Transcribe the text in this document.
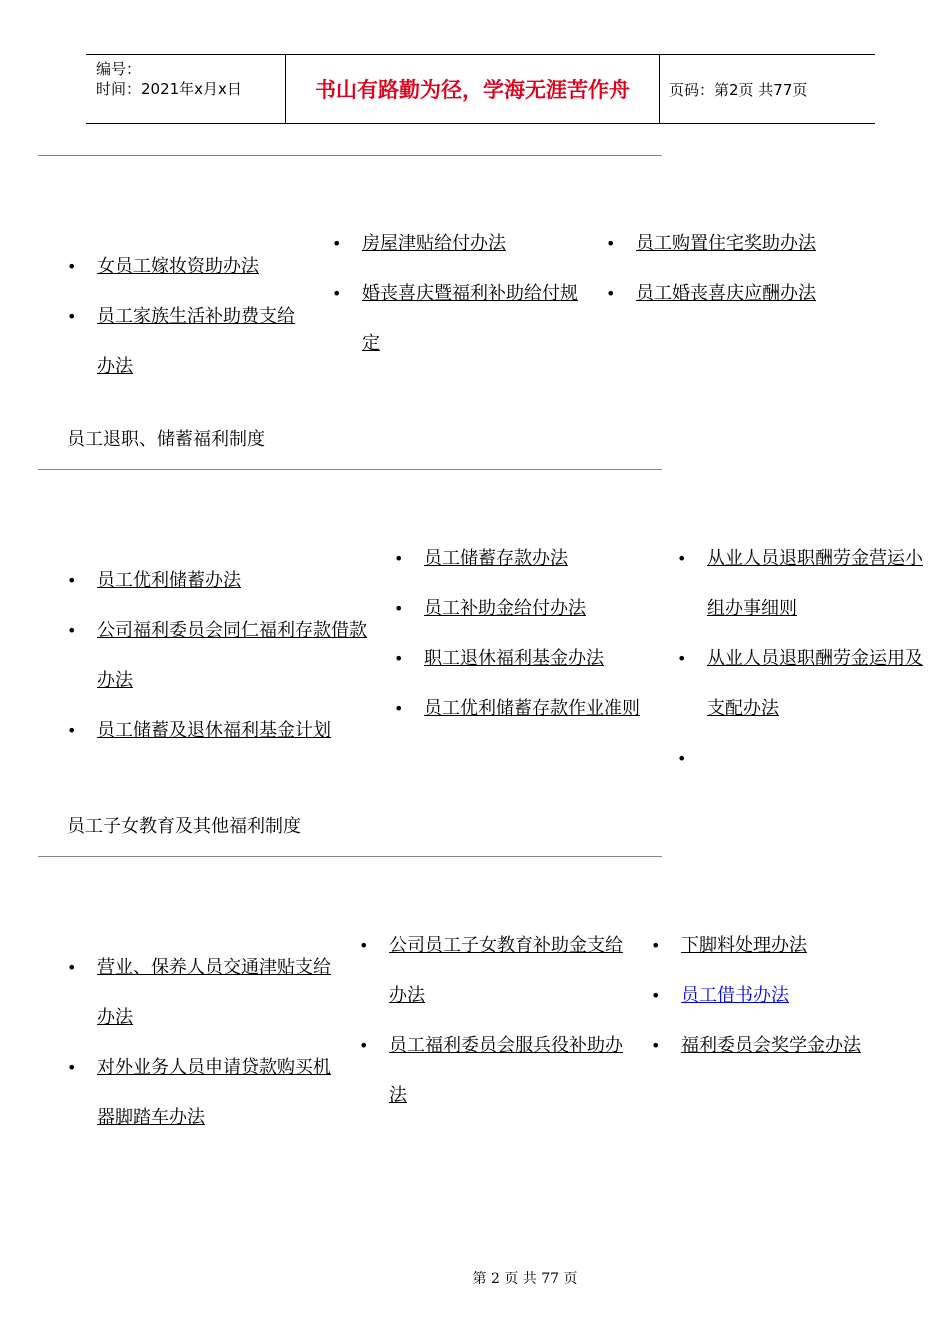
编号：
时间：2021年x月x日	书山有路勤为径，学海无涯苦作舟	页码：第2页 共77页
• 女员工嫁妆资助办法
• 员工家族生活补助费支给办法
• 房屋津贴给付办法
• 婚丧喜庆暨福利补助给付规定
• 员工购置住宅奖助办法
• 员工婚丧喜庆应酬办法
员工退职、储蓄福利制度
• 员工优利储蓄办法
• 公司福利委员会同仁福利存款借款办法
• 员工储蓄及退休福利基金计划
• 员工储蓄存款办法
• 员工补助金给付办法
• 职工退休福利基金办法
• 员工优利储蓄存款作业准则
• 从业人员退职酬劳金营运小组办事细则
• 从业人员退职酬劳金运用及支配办法
员工子女教育及其他福利制度
• 营业、保养人员交通津贴支给办法
• 对外业务人员申请贷款购买机器脚踏车办法
• 公司员工子女教育补助金支给办法
• 员工福利委员会服兵役补助办法
• 下脚料处理办法
• 员工借书办法
• 福利委员会奖学金办法
第 2 页 共 77 页
